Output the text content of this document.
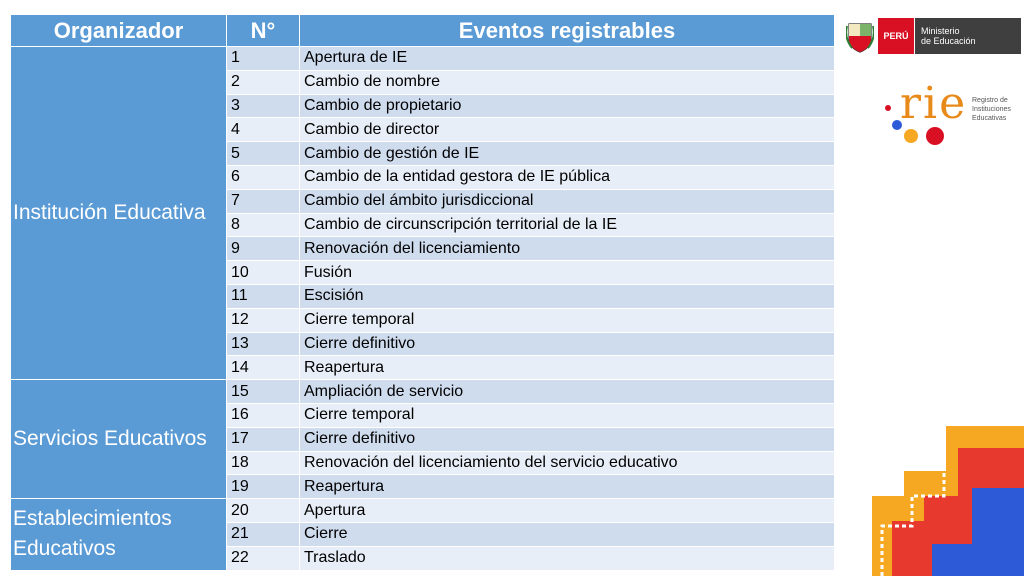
Organizador	N°	Eventos registrables

Institución Educativa	1	Apertura de IE
	2	Cambio de nombre
	3	Cambio de propietario
	4	Cambio de director
	5	Cambio de gestión de IE
	6	Cambio de la entidad gestora de IE pública
	7	Cambio del ámbito jurisdiccional
	8	Cambio de circunscripción territorial de la IE
	9	Renovación del licenciamiento
	10	Fusión
	11	Escisión
	12	Cierre temporal
	13	Cierre definitivo
	14	Reapertura

Servicios Educativos	15	Ampliación de servicio
	16	Cierre temporal
	17	Cierre definitivo
	18	Renovación del licenciamiento del servicio educativo
	19	Reapertura

Establecimientos Educativos	20	Apertura
	21	Cierre
	22	Traslado
PERÚ	Ministerio
de Educación
rie Registro de
Instituciones
Educativas
